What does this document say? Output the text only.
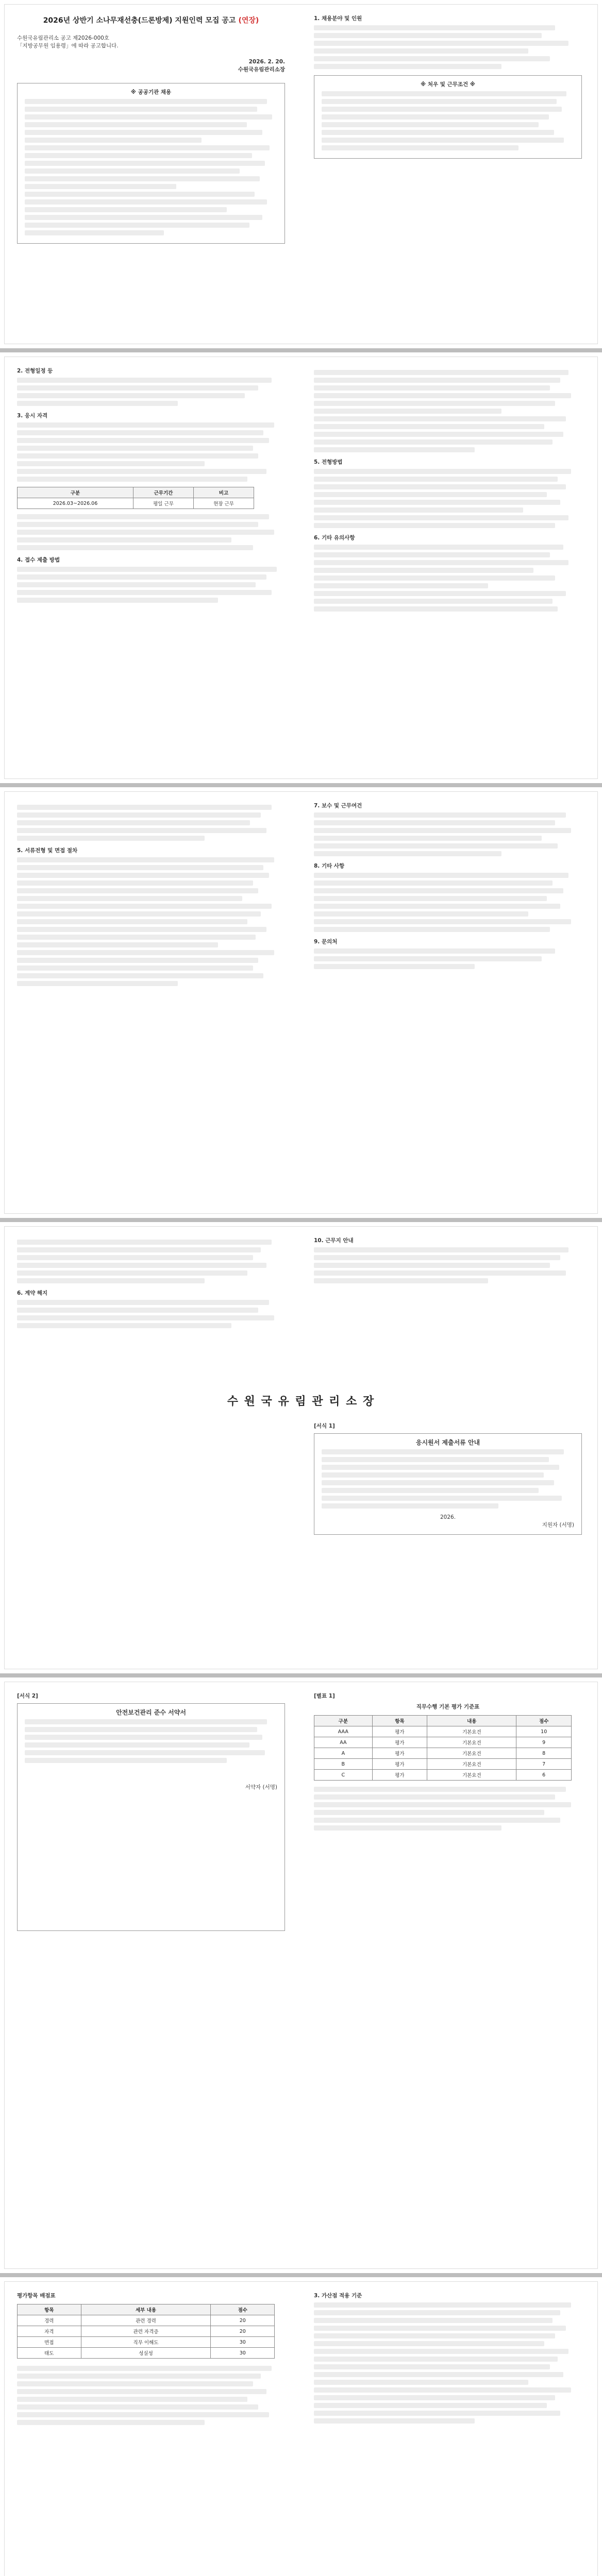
2026년 상반기 소나무재선충(드론방제) 지원인력 모집 공고 (연장)

수원국유림관리소 공고 제2026-000호

「지방공무원 임용령」에 따라 공고합니다.

2026. 2. 20.

수원국유림관리소장

※ 공공기관 채용

1. 채용분야 및 인원

※ 처우 및 근무조건 ※

2. 전형일정 등

3. 응시 자격

구분	근무기간	비고
2026.03~2026.06	평일 근무	현장 근무

4. 접수 제출 방법

5. 전형방법

6. 기타 유의사항

5. 서류전형 및 면접 절차

7. 보수 및 근무여건

8. 기타 사항

9. 문의처

6. 계약 해지

10. 근무지 안내

수 원 국 유 림 관 리 소 장

[서식 1]

응시원서 제출서류 안내

2026.

지원자 (서명)

[서식 2]

안전보건관리 준수 서약서

서약자 (서명)

[별표 1]

직무수행 기본 평가 기준표

구분	항목	내용	점수
AAA	평가	기본요건	10
AA	평가	기본요건	9
A	평가	기본요건	8
B	평가	기본요건	7
C	평가	기본요건	6

평가항목 배점표

항목	세부 내용	점수
경력	관련 경력	20
자격	관련 자격증	20
면접	직무 이해도	30
태도	성실성	30

3. 가산점 적용 기준
